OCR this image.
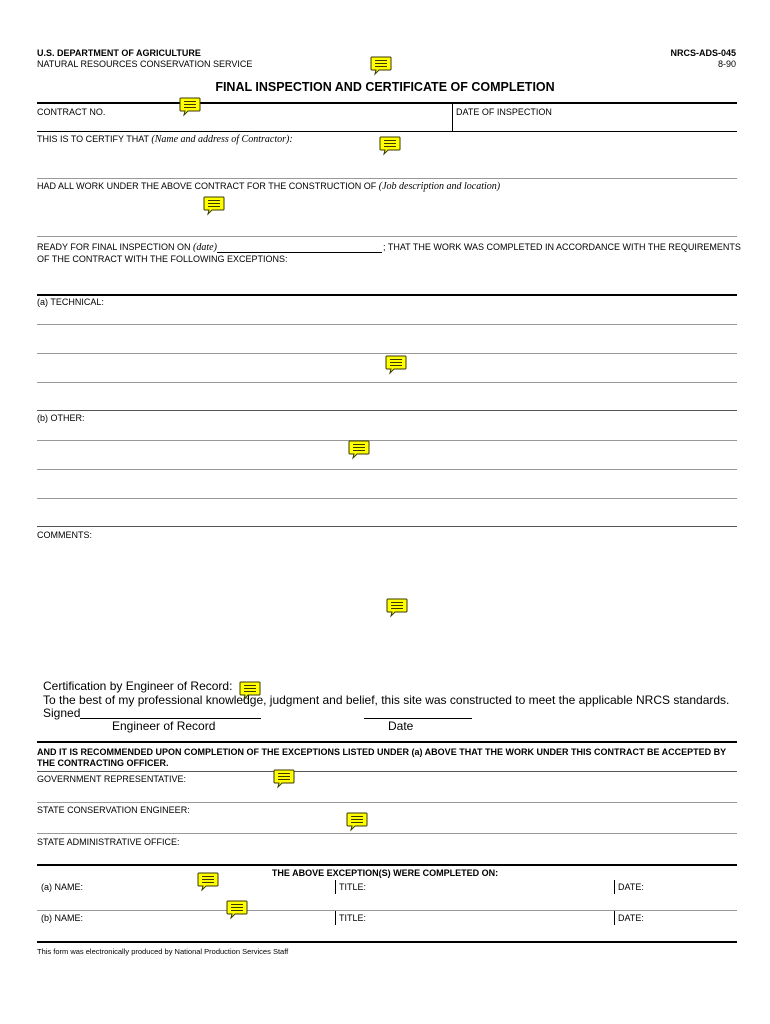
U.S. DEPARTMENT OF AGRICULTURE
NATURAL RESOURCES CONSERVATION SERVICE
NRCS-ADS-045
8-90
FINAL INSPECTION AND CERTIFICATE OF COMPLETION
CONTRACT NO.	DATE OF INSPECTION
THIS IS TO CERTIFY THAT (Name and address of Contractor):
HAD ALL WORK UNDER THE ABOVE CONTRACT FOR THE CONSTRUCTION OF (Job description and location)
READY FOR FINAL INSPECTION ON (date)	; THAT THE WORK WAS COMPLETED IN ACCORDANCE WITH THE REQUIREMENTS
OF THE CONTRACT WITH THE FOLLOWING EXCEPTIONS:
(a) TECHNICAL:
(b) OTHER:
COMMENTS:
Certification by Engineer of Record:
To the best of my professional knowledge, judgment and belief, this site was constructed to meet the applicable NRCS standards.
Signed
Engineer of Record	Date
AND IT IS RECOMMENDED UPON COMPLETION OF THE EXCEPTIONS LISTED UNDER (a) ABOVE THAT THE WORK UNDER THIS CONTRACT BE ACCEPTED BY
THE CONTRACTING OFFICER.
GOVERNMENT REPRESENTATIVE:
STATE CONSERVATION ENGINEER:
STATE ADMINISTRATIVE OFFICE:
THE ABOVE EXCEPTION(S) WERE COMPLETED ON:
(a) NAME:	TITLE:	DATE:
(b) NAME:	TITLE:	DATE:
This form was electronically produced by National Production Services Staff
